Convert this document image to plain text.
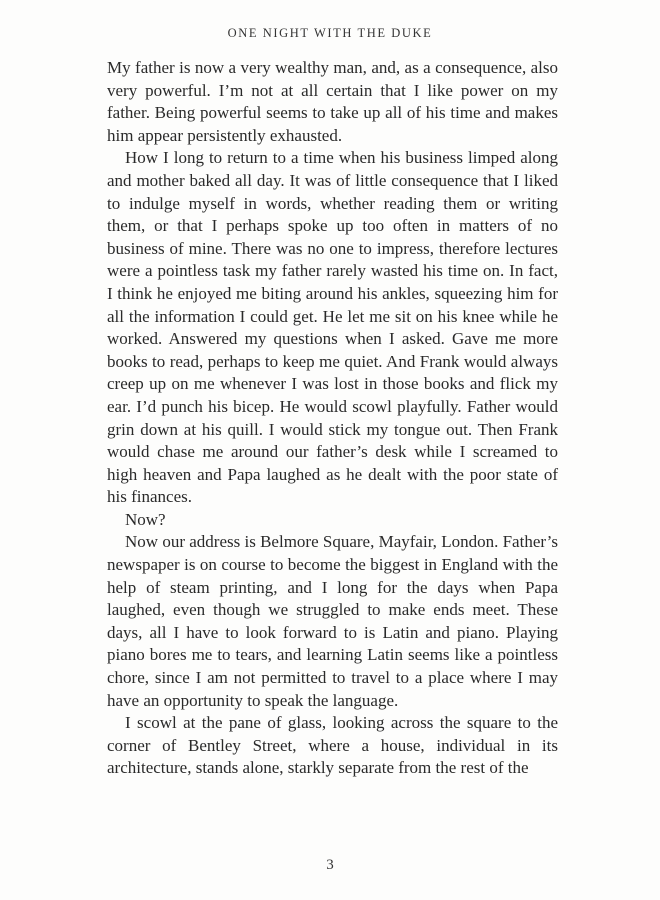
ONE NIGHT WITH THE DUKE

My father is now a very wealthy man, and, as a consequence, also very powerful. I’m not at all certain that I like power on my father. Being powerful seems to take up all of his time and makes him appear persistently exhausted.

How I long to return to a time when his business limped along and mother baked all day. It was of little consequence that I liked to indulge myself in words, whether reading them or writing them, or that I perhaps spoke up too often in matters of no business of mine. There was no one to impress, therefore lectures were a pointless task my father rarely wasted his time on. In fact, I think he enjoyed me biting around his ankles, squeezing him for all the information I could get. He let me sit on his knee while he worked. Answered my questions when I asked. Gave me more books to read, perhaps to keep me quiet. And Frank would always creep up on me whenever I was lost in those books and flick my ear. I’d punch his bicep. He would scowl playfully. Father would grin down at his quill. I would stick my tongue out. Then Frank would chase me around our father’s desk while I screamed to high heaven and Papa laughed as he dealt with the poor state of his finances.

Now?

Now our address is Belmore Square, Mayfair, London. Father’s newspaper is on course to become the biggest in England with the help of steam printing, and I long for the days when Papa laughed, even though we struggled to make ends meet. These days, all I have to look forward to is Latin and piano. Playing piano bores me to tears, and learning Latin seems like a pointless chore, since I am not permitted to travel to a place where I may have an opportunity to speak the language.

I scowl at the pane of glass, looking across the square to the corner of Bentley Street, where a house, individual in its architecture, stands alone, starkly separate from the rest of the

3
